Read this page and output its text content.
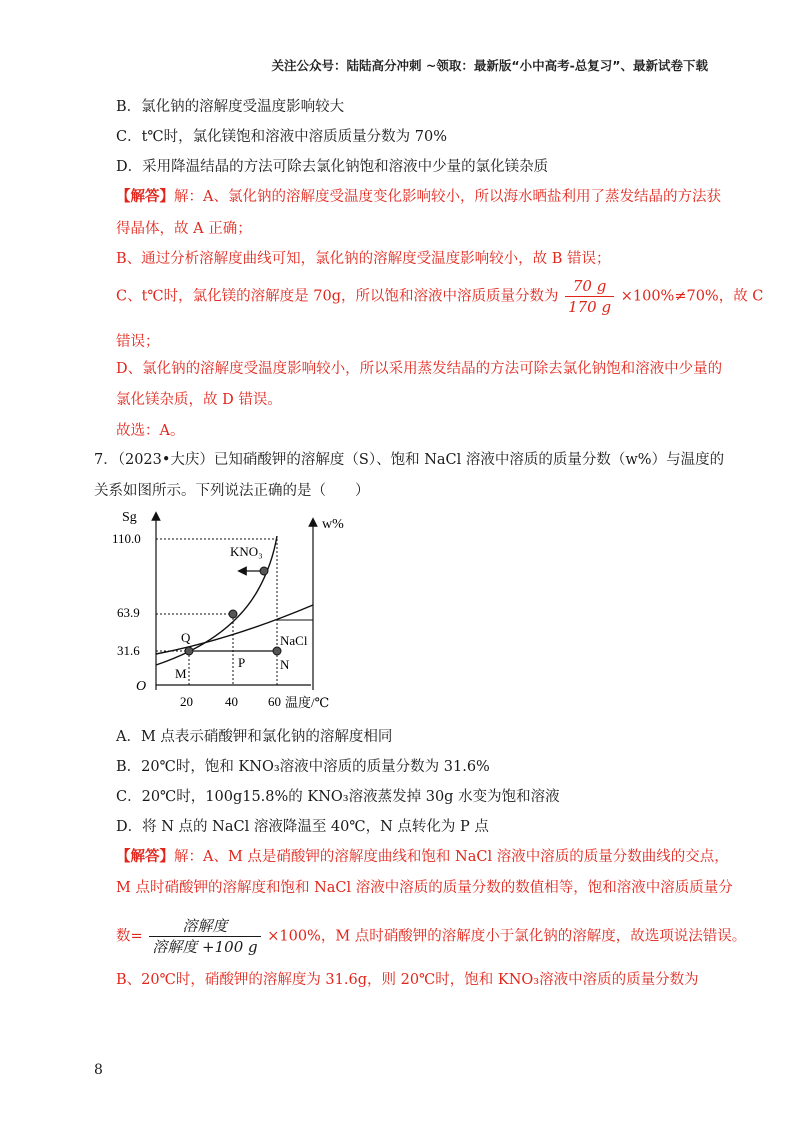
关注公众号：陆陆高分冲刺 ~领取：最新版“小中高考-总复习”、最新试卷下载
B．氯化钠的溶解度受温度影响较大
C．t℃时，氯化镁饱和溶液中溶质质量分数为 70%
D．采用降温结晶的方法可除去氯化钠饱和溶液中少量的氯化镁杂质
【解答】解：A、氯化钠的溶解度受温度变化影响较小，所以海水晒盐利用了蒸发结晶的方法获
得晶体，故 A 正确；
B、通过分析溶解度曲线可知，氯化钠的溶解度受温度影响较小，故 B 错误；
C、t℃时，氯化镁的溶解度是 70g，所以饱和溶液中溶质质量分数为 $\frac{70 g}{170 g} \times 100\%\ne 70\%$，故 C
错误；
D、氯化钠的溶解度受温度影响较小，所以采用蒸发结晶的方法可除去氯化钠饱和溶液中少量的
氯化镁杂质，故 D 错误。
故选：A。
7．（2023•大庆）已知硝酸钾的溶解度（S）、饱和 NaCl 溶液中溶质的质量分数（w%）与温度的
关系如图所示。下列说法正确的是（　　）
Sg	w%
O
温度/℃
20 40 60
31.6
63.9
110.0
KNO₃
NaCl
Q
M
P	N
A．M 点表示硝酸钾和氯化钠的溶解度相同
B．20℃时，饱和 KNO₃溶液中溶质的质量分数为 31.6%
C．20℃时，100g15.8%的 KNO₃溶液蒸发掉 30g 水变为饱和溶液
D．将 N 点的 NaCl 溶液降温至 40℃，N 点转化为 P 点
【解答】解：A、M 点是硝酸钾的溶解度曲线和饱和 NaCl 溶液中溶质的质量分数曲线的交点，
M 点时硝酸钾的溶解度和饱和 NaCl 溶液中溶质的质量分数的数值相等，饱和溶液中溶质质量分
数= $\frac{\text{溶解度}}{\text{溶解度 +100 g}} \times 100\%$，M 点时硝酸钾的溶解度小于氯化钠的溶解度，故选项说法错误。
B、20℃时，硝酸钾的溶解度为 31.6g，则 20℃时，饱和 KNO₃溶液中溶质的质量分数为
8
